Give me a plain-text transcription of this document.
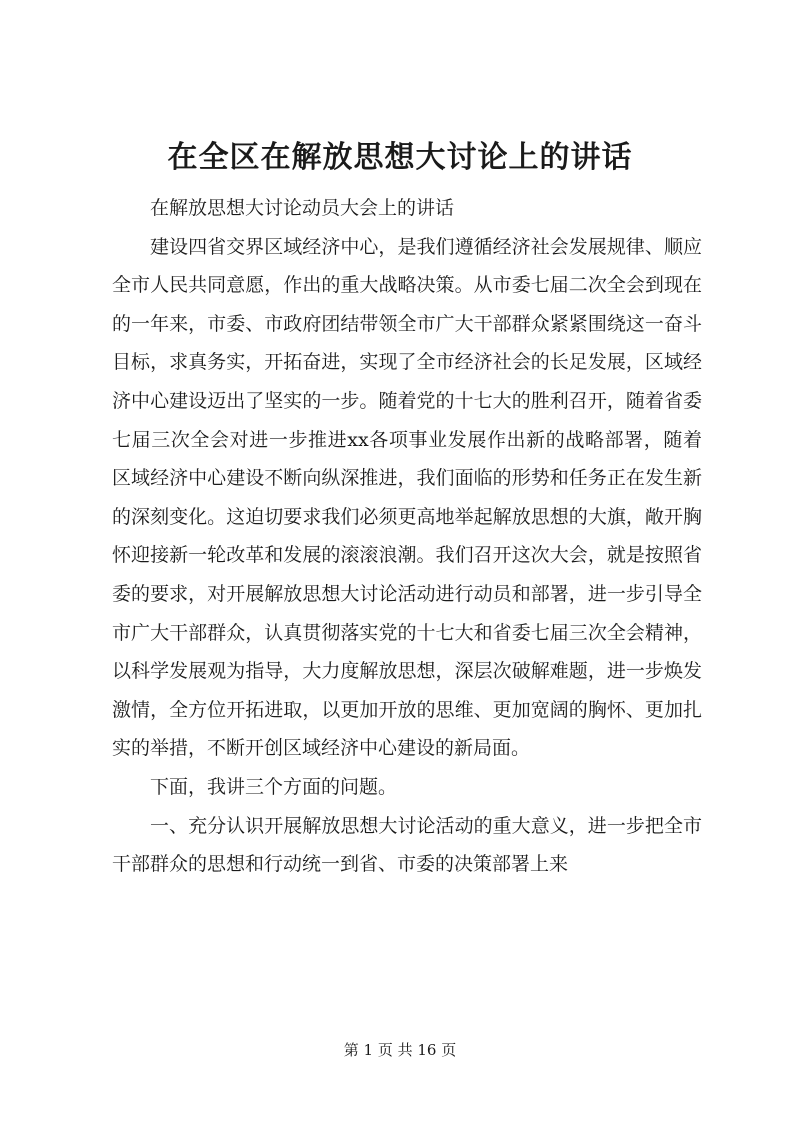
在全区在解放思想大讨论上的讲话

在解放思想大讨论动员大会上的讲话

建设四省交界区域经济中心，是我们遵循经济社会发展规律、顺应全市人民共同意愿，作出的重大战略决策。从市委七届二次全会到现在的一年来，市委、市政府团结带领全市广大干部群众紧紧围绕这一奋斗目标，求真务实，开拓奋进，实现了全市经济社会的长足发展，区域经济中心建设迈出了坚实的一步。随着党的十七大的胜利召开，随着省委七届三次全会对进一步推进xx各项事业发展作出新的战略部署，随着区域经济中心建设不断向纵深推进，我们面临的形势和任务正在发生新的深刻变化。这迫切要求我们必须更高地举起解放思想的大旗，敞开胸怀迎接新一轮改革和发展的滚滚浪潮。我们召开这次大会，就是按照省委的要求，对开展解放思想大讨论活动进行动员和部署，进一步引导全市广大干部群众，认真贯彻落实党的十七大和省委七届三次全会精神，以科学发展观为指导，大力度解放思想，深层次破解难题，进一步焕发激情，全方位开拓进取，以更加开放的思维、更加宽阔的胸怀、更加扎实的举措，不断开创区域经济中心建设的新局面。

下面，我讲三个方面的问题。

一、充分认识开展解放思想大讨论活动的重大意义，进一步把全市干部群众的思想和行动统一到省、市委的决策部署上来

第 1 页 共 16 页
